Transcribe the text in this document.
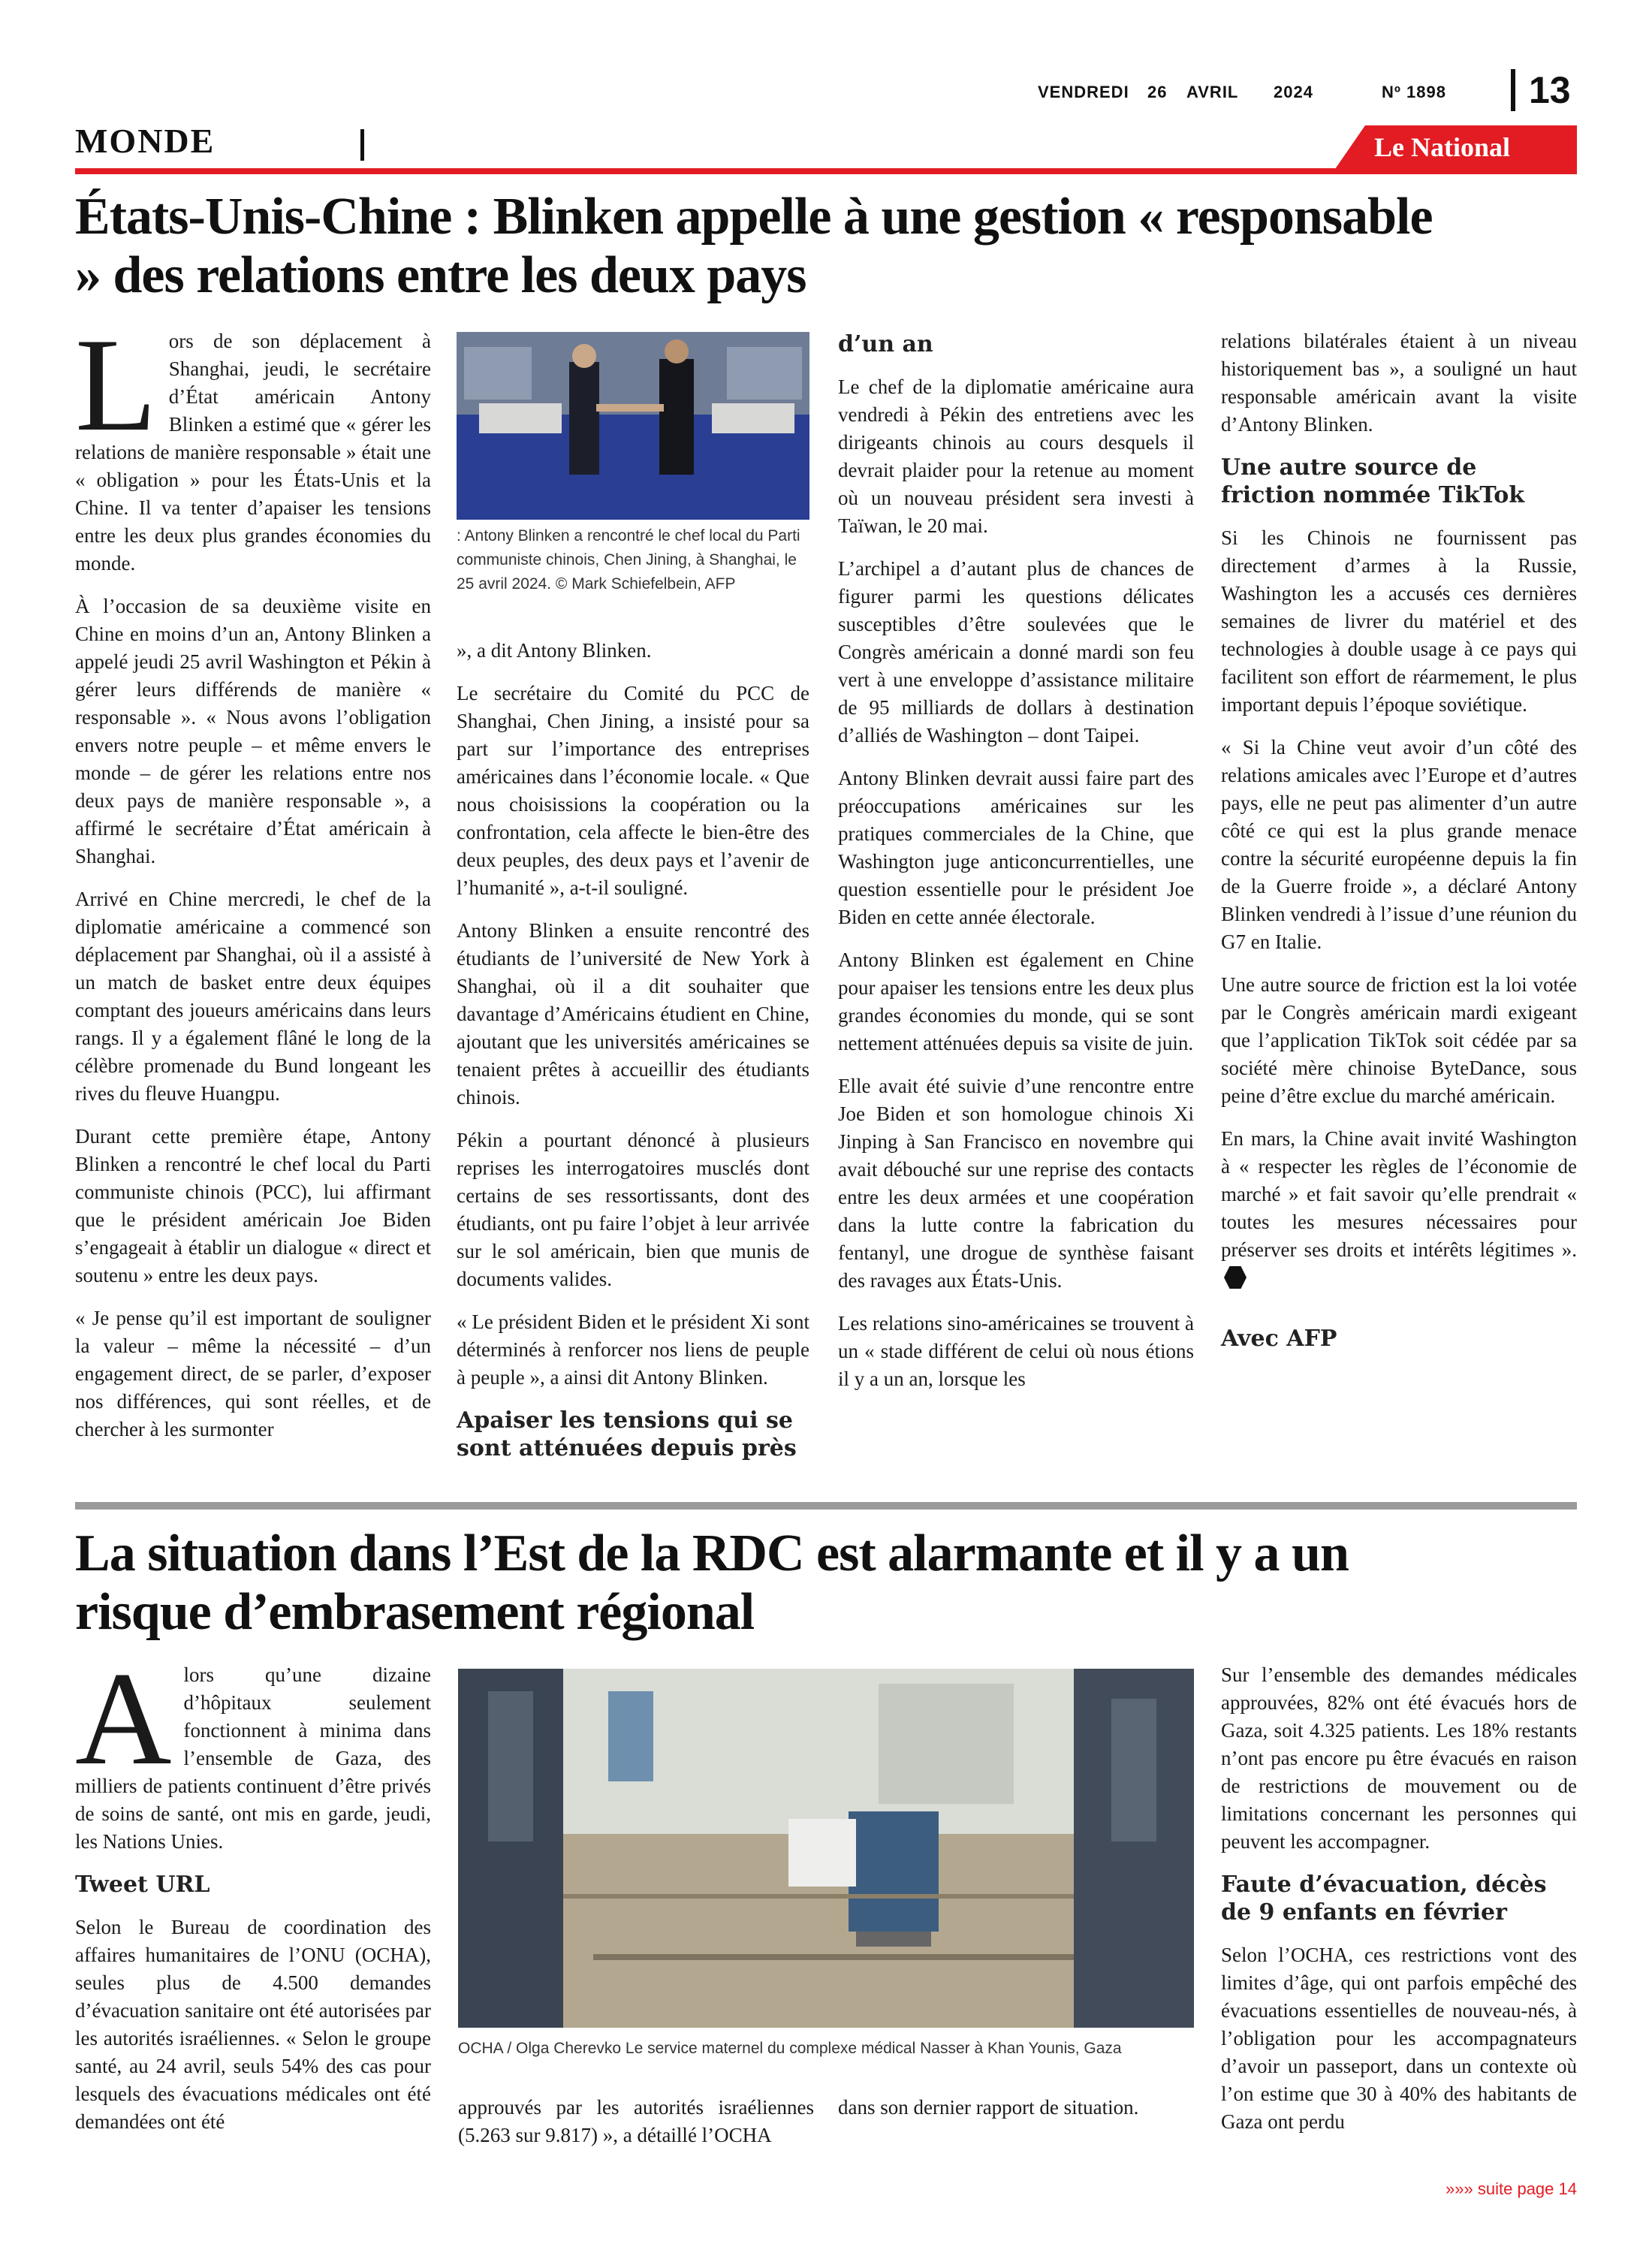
VENDREDI 26 AVRIL 2024	Nº 1898 13
MONDE	Le National
États-Unis-Chine : Blinken appelle à une gestion « responsable
» des relations entre les deux pays

Lors de son déplacement à Shanghai, jeudi, le secrétaire d’État américain Antony Blinken a estimé que « gérer les relations de manière responsable » était une « obligation » pour les États-Unis et la Chine. Il va tenter d’apaiser les tensions entre les deux plus grandes économies du monde.

À l’occasion de sa deuxième visite en Chine en moins d’un an, Antony Blinken a appelé jeudi 25 avril Washington et Pékin à gérer leurs différends de manière « responsable ». « Nous avons l’obligation envers notre peuple – et même envers le monde – de gérer les relations entre nos deux pays de manière responsable », a affirmé le secrétaire d’État américain à Shanghai.

Arrivé en Chine mercredi, le chef de la diplomatie américaine a commencé son déplacement par Shanghai, où il a assisté à un match de basket entre deux équipes comptant des joueurs américains dans leurs rangs. Il y a également flâné le long de la célèbre promenade du Bund longeant les rives du fleuve Huangpu.

Durant cette première étape, Antony Blinken a rencontré le chef local du Parti communiste chinois (PCC), lui affirmant que le président américain Joe Biden s’engageait à établir un dialogue « direct et soutenu » entre les deux pays.

« Je pense qu’il est important de souligner la valeur – même la nécessité – d’un engagement direct, de se parler, d’exposer nos différences, qui sont réelles, et de chercher à les surmonter

: Antony Blinken a rencontré le chef local du Parti communiste chinois, Chen Jining, à Shanghai, le 25 avril 2024. © Mark Schiefelbein, AFP

», a dit Antony Blinken.

Le secrétaire du Comité du PCC de Shanghai, Chen Jining, a insisté pour sa part sur l’importance des entreprises américaines dans l’économie locale. « Que nous choisissions la coopération ou la confrontation, cela affecte le bien-être des deux peuples, des deux pays et l’avenir de l’humanité », a-t-il souligné.

Antony Blinken a ensuite rencontré des étudiants de l’université de New York à Shanghai, où il a dit souhaiter que davantage d’Américains étudient en Chine, ajoutant que les universités américaines se tenaient prêtes à accueillir des étudiants chinois.

Pékin a pourtant dénoncé à plusieurs reprises les interrogatoires musclés dont certains de ses ressortissants, dont des étudiants, ont pu faire l’objet à leur arrivée sur le sol américain, bien que munis de documents valides.

« Le président Biden et le président Xi sont déterminés à renforcer nos liens de peuple à peuple », a ainsi dit Antony Blinken.

Apaiser les tensions qui se sont atténuées depuis près
d’un an

Le chef de la diplomatie américaine aura vendredi à Pékin des entretiens avec les dirigeants chinois au cours desquels il devrait plaider pour la retenue au moment où un nouveau président sera investi à Taïwan, le 20 mai.

L’archipel a d’autant plus de chances de figurer parmi les questions délicates susceptibles d’être soulevées que le Congrès américain a donné mardi son feu vert à une enveloppe d’assistance militaire de 95 milliards de dollars à destination d’alliés de Washington – dont Taipei.

Antony Blinken devrait aussi faire part des préoccupations américaines sur les pratiques commerciales de la Chine, que Washington juge anticoncurrentielles, une question essentielle pour le président Joe Biden en cette année électorale.

Antony Blinken est également en Chine pour apaiser les tensions entre les deux plus grandes économies du monde, qui se sont nettement atténuées depuis sa visite de juin.

Elle avait été suivie d’une rencontre entre Joe Biden et son homologue chinois Xi Jinping à San Francisco en novembre qui avait débouché sur une reprise des contacts entre les deux armées et une coopération dans la lutte contre la fabrication du fentanyl, une drogue de synthèse faisant des ravages aux États-Unis.

Les relations sino-américaines se trouvent à un « stade différent de celui où nous étions il y a un an, lorsque les

relations bilatérales étaient à un niveau historiquement bas », a souligné un haut responsable américain avant la visite d’Antony Blinken.

Une autre source de friction nommée TikTok

Si les Chinois ne fournissent pas directement d’armes à la Russie, Washington les a accusés ces dernières semaines de livrer du matériel et des technologies à double usage à ce pays qui facilitent son effort de réarmement, le plus important depuis l’époque soviétique.

« Si la Chine veut avoir d’un côté des relations amicales avec l’Europe et d’autres pays, elle ne peut pas alimenter d’un autre côté ce qui est la plus grande menace contre la sécurité européenne depuis la fin de la Guerre froide », a déclaré Antony Blinken vendredi à l’issue d’une réunion du G7 en Italie.

Une autre source de friction est la loi votée par le Congrès américain mardi exigeant que l’application TikTok soit cédée par sa société mère chinoise ByteDance, sous peine d’être exclue du marché américain.

En mars, la Chine avait invité Washington à « respecter les règles de l’économie de marché » et fait savoir qu’elle prendrait « toutes les mesures nécessaires pour préserver ses droits et intérêts légitimes ».

Avec AFP
La situation dans l’Est de la RDC est alarmante et il y a un
risque d’embrasement régional

Alors qu’une dizaine d’hôpitaux seulement fonctionnent à minima dans l’ensemble de Gaza, des milliers de patients continuent d’être privés de soins de santé, ont mis en garde, jeudi, les Nations Unies.

Tweet URL

Selon le Bureau de coordination des affaires humanitaires de l’ONU (OCHA), seules plus de 4.500 demandes d’évacuation sanitaire ont été autorisées par les autorités israéliennes. « Selon le groupe santé, au 24 avril, seuls 54% des cas pour lesquels des évacuations médicales ont été demandées ont été

OCHA / Olga Cherevko Le service maternel du complexe médical Nasser à Khan Younis, Gaza

approuvés par les autorités israéliennes (5.263 sur 9.817) », a détaillé l’OCHA

dans son dernier rapport de situation.

Sur l’ensemble des demandes médicales approuvées, 82% ont été évacués hors de Gaza, soit 4.325 patients. Les 18% restants n’ont pas encore pu être évacués en raison de restrictions de mouvement ou de limitations concernant les personnes qui peuvent les accompagner.

Faute d’évacuation, décès de 9 enfants en février

Selon l’OCHA, ces restrictions vont des limites d’âge, qui ont parfois empêché des évacuations essentielles de nouveau-nés, à l’obligation pour les accompagnateurs d’avoir un passeport, dans un contexte où l’on estime que 30 à 40% des habitants de Gaza ont perdu

»»» suite page 14
